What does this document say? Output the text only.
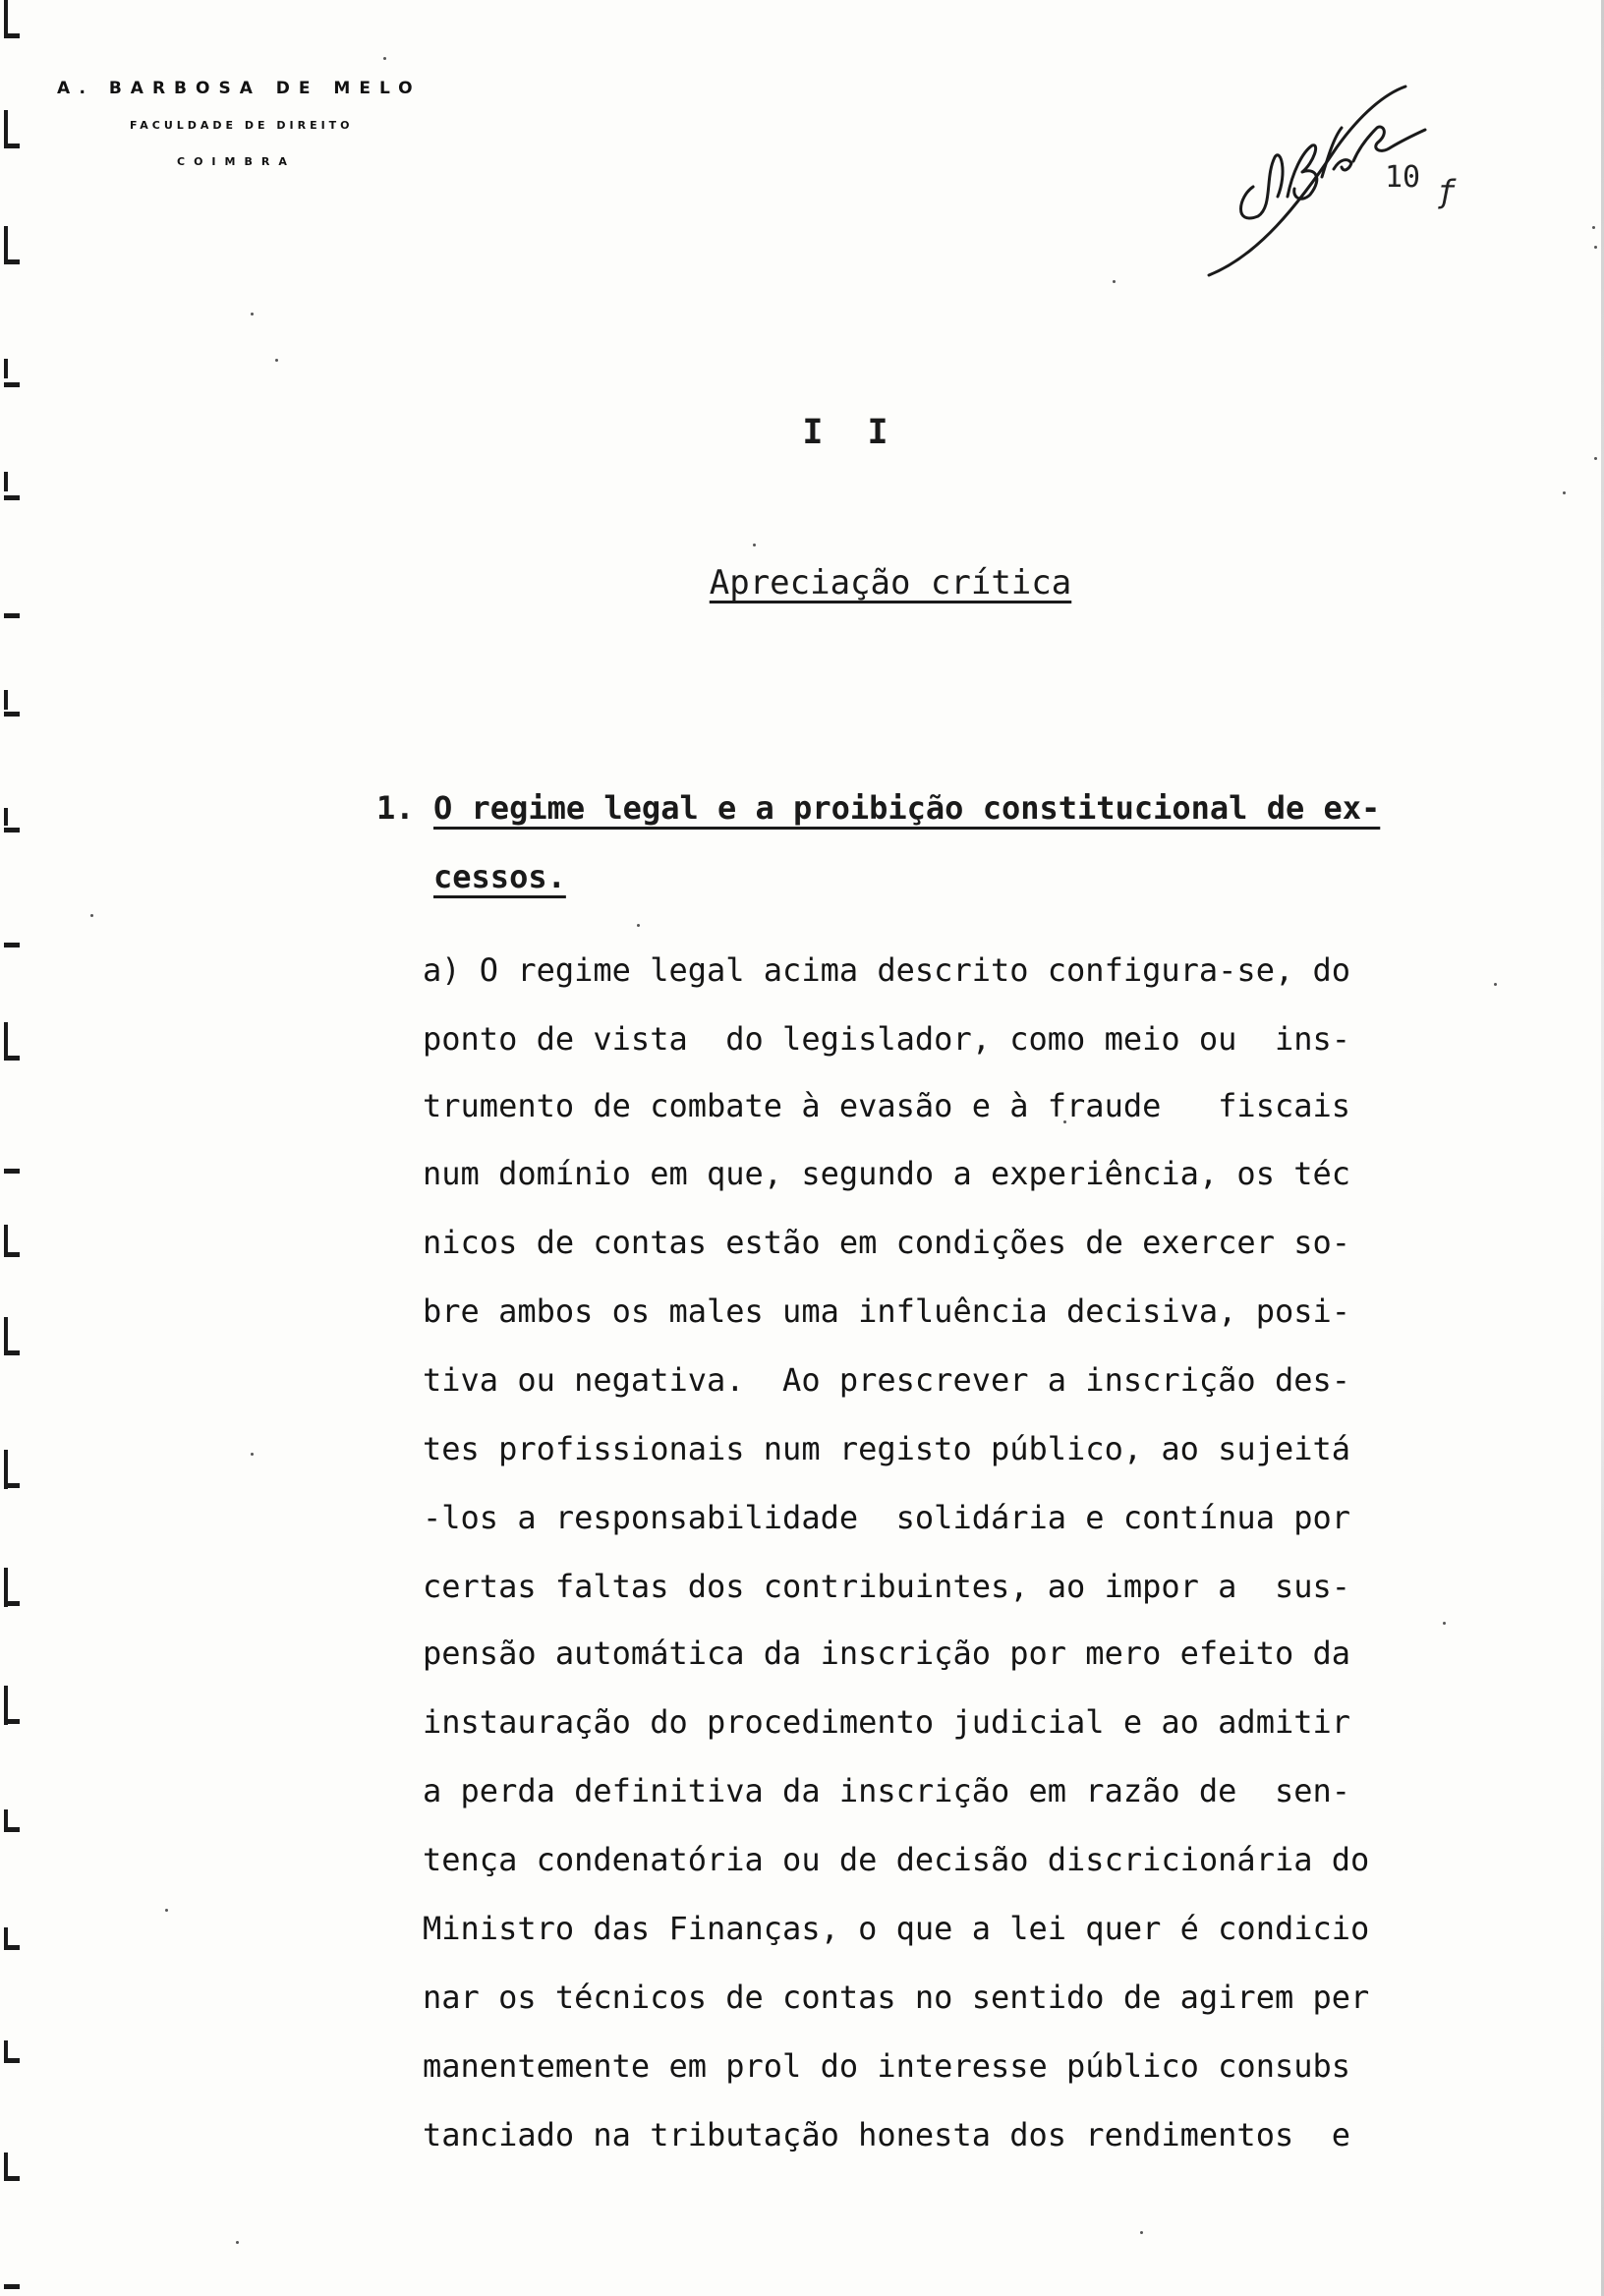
A. BARBOSA DE MELO
FACULDADE DE DIREITO
COIMBRA	10 ƒ
I I
Apreciação crítica
1. O regime legal e a proibição constitucional de ex-
cessos.
a) O regime legal acima descrito configura-se, do
ponto de vista  do legislador, como meio ou  ins-
trumento de combate à evasão e à fraude   fiscais
num domínio em que, segundo a experiência, os téc
nicos de contas estão em condições de exercer so-
bre ambos os males uma influência decisiva, posi-
tiva ou negativa.  Ao prescrever a inscrição des-
tes profissionais num registo público, ao sujeitá
-los a responsabilidade  solidária e contínua por
certas faltas dos contribuintes, ao impor a  sus-
pensão automática da inscrição por mero efeito da
instauração do procedimento judicial e ao admitir
a perda definitiva da inscrição em razão de  sen-
tença condenatória ou de decisão discricionária do
Ministro das Finanças, o que a lei quer é condicio
nar os técnicos de contas no sentido de agirem per
manentemente em prol do interesse público consubs
tanciado na tributação honesta dos rendimentos  e
